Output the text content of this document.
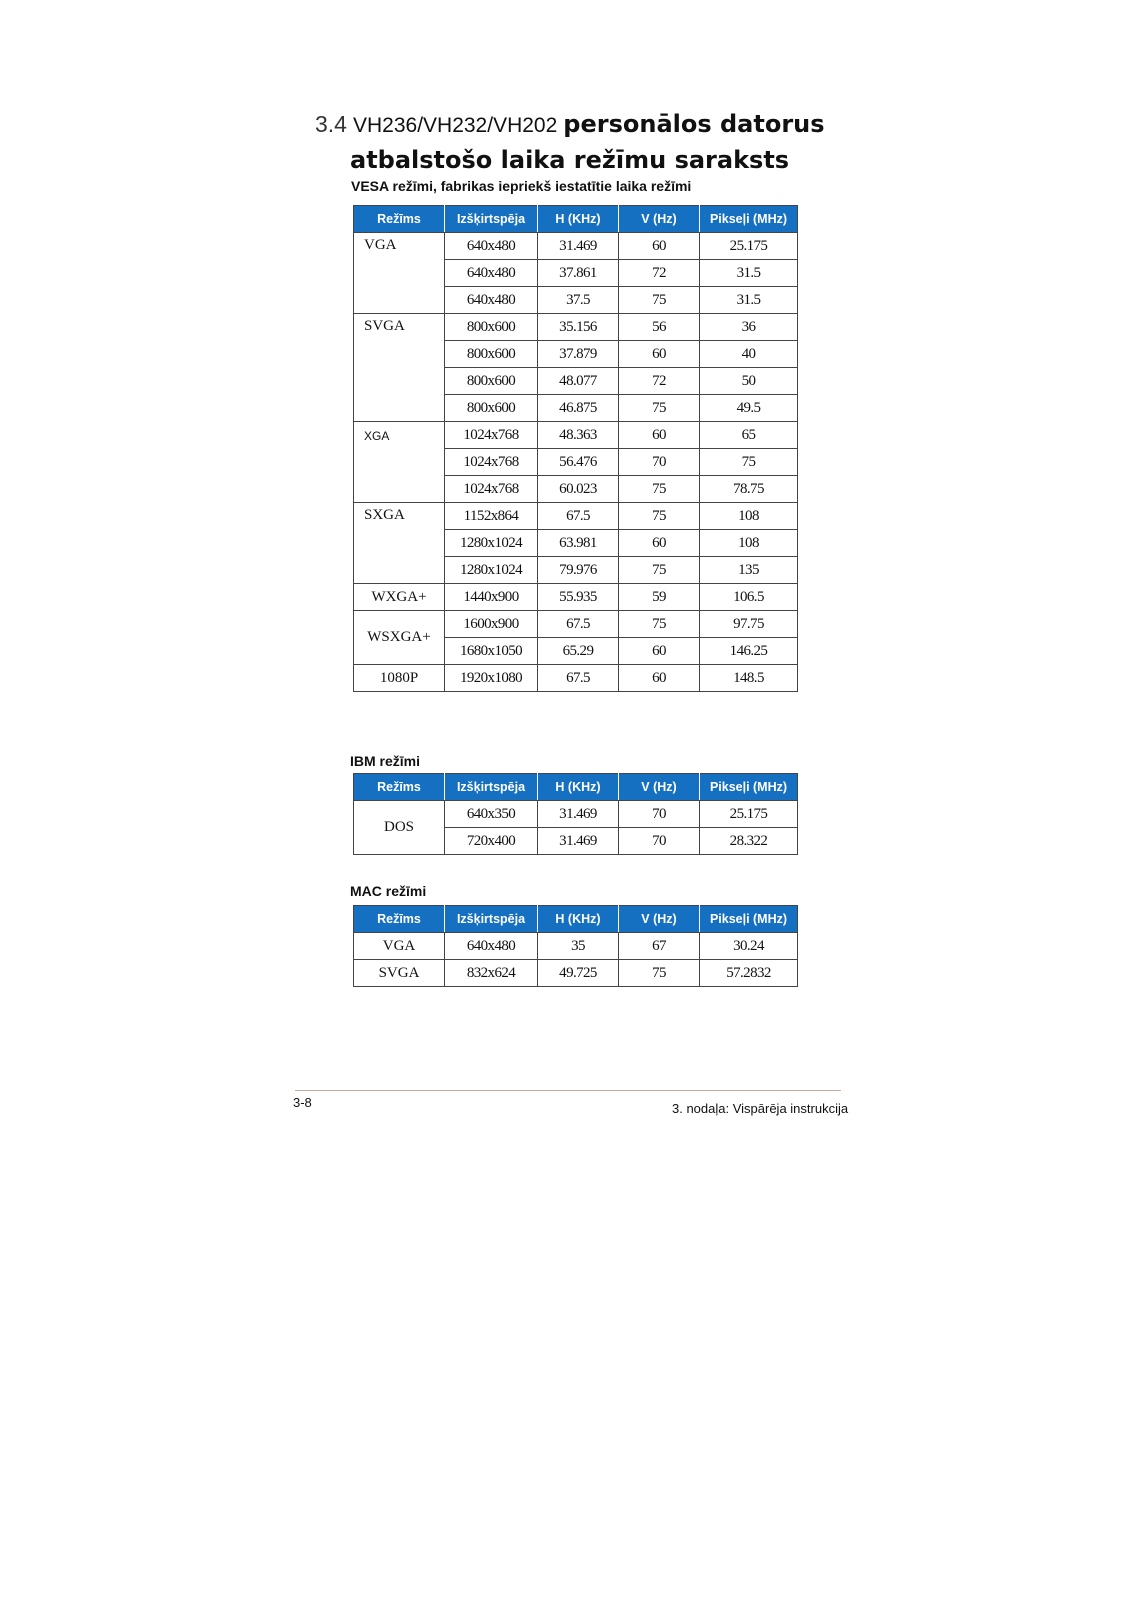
3.4 VH236/VH232/VH202 personālos datorus
atbalstošo laika režīmu saraksts
VESA režīmi, fabrikas iepriekš iestatītie laika režīmi
Režīms	Izšķirtspēja	H (KHz)	V (Hz)	Pikseļi (MHz)
VGA	640x480	31.469	60	25.175
	640x480	37.861	72	31.5
	640x480	37.5	75	31.5
SVGA	800x600	35.156	56	36
	800x600	37.879	60	40
	800x600	48.077	72	50
	800x600	46.875	75	49.5
XGA	1024x768	48.363	60	65
	1024x768	56.476	70	75
	1024x768	60.023	75	78.75
SXGA	1152x864	67.5	75	108
	1280x1024	63.981	60	108
	1280x1024	79.976	75	135
WXGA+	1440x900	55.935	59	106.5
WSXGA+	1600x900	67.5	75	97.75
	1680x1050	65.29	60	146.25
1080P	1920x1080	67.5	60	148.5
IBM režīmi
Režīms	Izšķirtspēja	H (KHz)	V (Hz)	Pikseļi (MHz)
DOS	640x350	31.469	70	25.175
	720x400	31.469	70	28.322
MAC režīmi
Režīms	Izšķirtspēja	H (KHz)	V (Hz)	Pikseļi (MHz)
VGA	640x480	35	67	30.24
SVGA	832x624	49.725	75	57.2832
3-8	3. nodaļa: Vispārēja instrukcija
